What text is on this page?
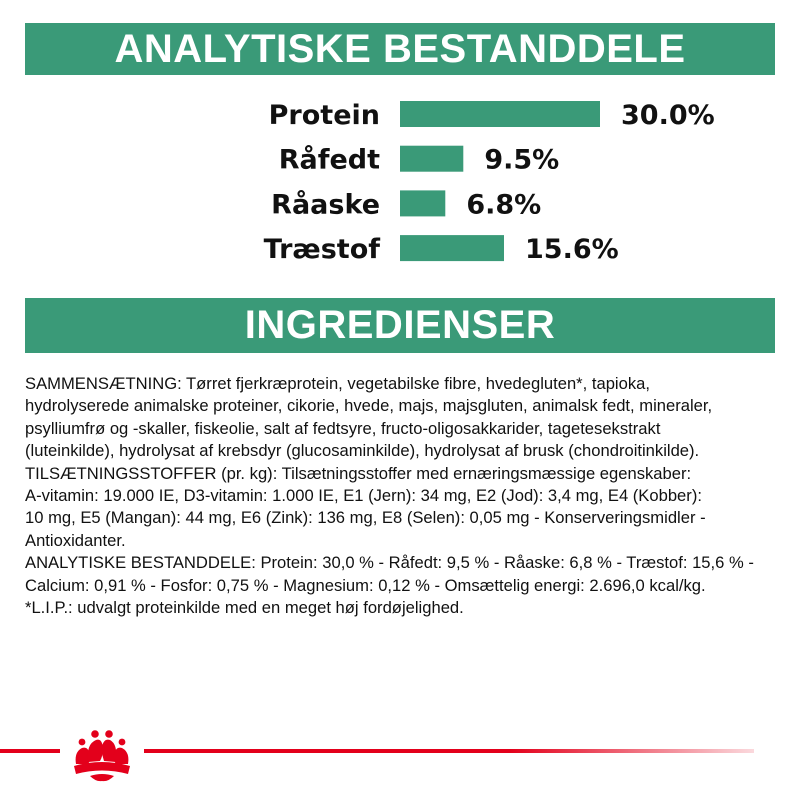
ANALYTISKE BESTANDDELE
Protein	30.0%
Råfedt	9.5%
Råaske	6.8%
Træstof	15.6%
INGREDIENSER

SAMMENSÆTNING: Tørret fjerkræprotein, vegetabilske fibre, hvedegluten*, tapioka,

hydrolyserede animalske proteiner, cikorie, hvede, majs, majsgluten, animalsk fedt, mineraler,

psylliumfrø og -skaller, fiskeolie, salt af fedtsyre, fructo-oligosakkarider, tagetesekstrakt

(luteinkilde), hydrolysat af krebsdyr (glucosaminkilde), hydrolysat af brusk (chondroitinkilde).

TILSÆTNINGSSTOFFER (pr. kg): Tilsætningsstoffer med ernæringsmæssige egenskaber:

A-vitamin: 19.000 IE, D3-vitamin: 1.000 IE, E1 (Jern): 34 mg, E2 (Jod): 3,4 mg, E4 (Kobber):

10 mg, E5 (Mangan): 44 mg, E6 (Zink): 136 mg, E8 (Selen): 0,05 mg - Konserveringsmidler -

Antioxidanter.

ANALYTISKE BESTANDDELE: Protein: 30,0 % - Råfedt: 9,5 % - Råaske: 6,8 % - Træstof: 15,6 % -

Calcium: 0,91 % - Fosfor: 0,75 % - Magnesium: 0,12 % - Omsættelig energi: 2.696,0 kcal/kg.

*L.I.P.: udvalgt proteinkilde med en meget høj fordøjelighed.
